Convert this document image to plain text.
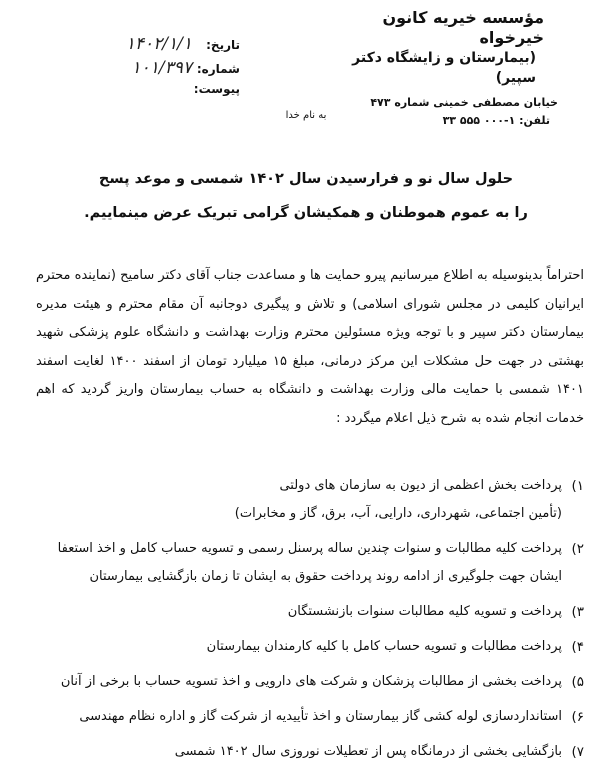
مؤسسه خیریه کانون خیرخواه
(بیمارستان و زایشگاه دکتر سپیر)
خیابان مصطفی خمینی شماره ۴۷۳
تلفن: ۱-۰۰۰ ۵۵۵ ۳۳
تاریخ:
۱۴۰۲/۱/۱
شماره:
۱۰۱/۳۹۷
پیوست:
به نام خدا
حلول سال نو و فرارسیدن سال ۱۴۰۲ شمسی و موعد پسح
را به عموم هموطنان و همکیشان گرامی تبریک عرض مینماییم.
احتراماً بدینوسیله به اطلاع میرسانیم پیرو حمایت ها و مساعدت جناب آقای دکتر سامیح (نماینده محترم ایرانیان کلیمی در مجلس شورای اسلامی) و تلاش و پیگیری دوجانبه آن مقام محترم و هیئت مدیره بیمارستان دکتر سپیر و با توجه ویژه مسئولین محترم وزارت بهداشت و دانشگاه علوم پزشکی شهید بهشتی در جهت حل مشکلات این مرکز درمانی، مبلغ ۱۵ میلیارد تومان از اسفند ۱۴۰۰ لغایت اسفند ۱۴۰۱ شمسی با حمایت مالی وزارت بهداشت و دانشگاه به حساب بیمارستان واریز گردید که اهم خدمات انجام شده به شرح ذیل اعلام میگردد :
۱)
پرداخت بخش اعظمی از دیون به سازمان های دولتی
(تأمین اجتماعی، شهرداری، دارایی، آب، برق، گاز و مخابرات)
۲)
پرداخت کلیه مطالبات و سنوات چندین ساله پرسنل رسمی و تسویه حساب کامل و اخذ استعفا ایشان جهت جلوگیری از ادامه روند پرداخت حقوق به ایشان تا زمان بازگشایی بیمارستان
۳)
پرداخت و تسویه کلیه مطالبات سنوات بازنشستگان
۴)
پرداخت مطالبات و تسویه حساب کامل با کلیه کارمندان بیمارستان
۵)
پرداخت بخشی از مطالبات پزشکان و شرکت های دارویی و اخذ تسویه حساب با برخی از آنان
۶)
استانداردسازی لوله کشی گاز بیمارستان و اخذ تأییدیه از شرکت گاز و اداره نظام مهندسی
۷)
بازگشایی بخشی از درمانگاه پس از تعطیلات نوروزی سال ۱۴۰۲ شمسی
